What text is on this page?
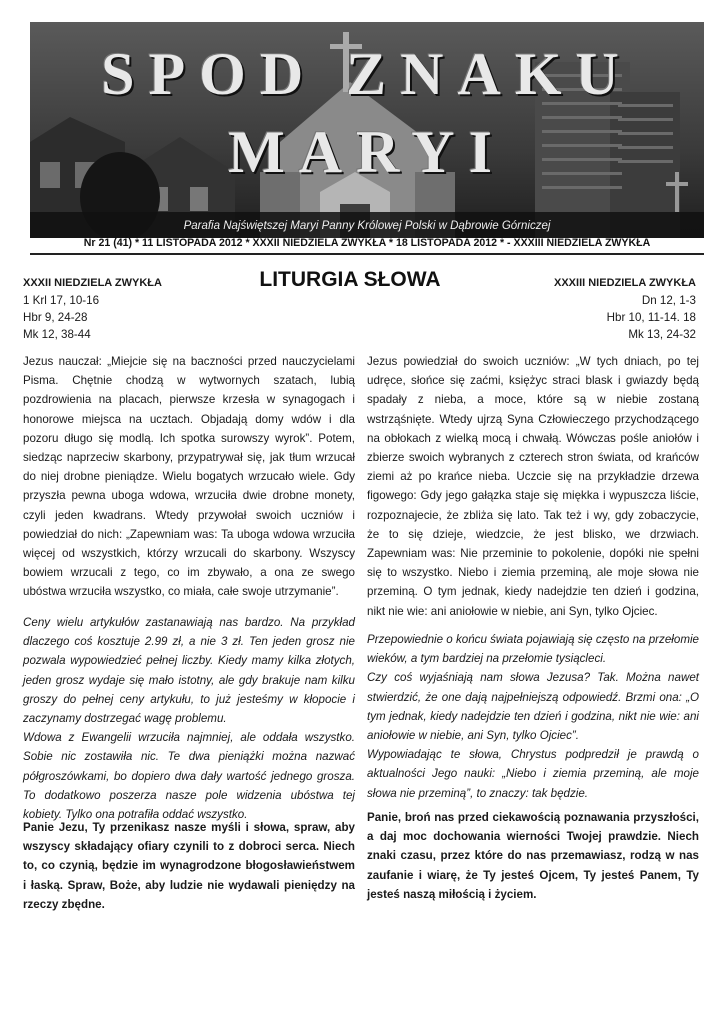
SPOD ZNAKU
MARYI
Parafia Najświętszej Maryi Panny Królowej Polski w Dąbrowie Górniczej
Nr 21 (41) * 11 LISTOPADA 2012 * XXXII NIEDZIELA ZWYKŁA * 18 LISTOPADA 2012 * - XXXIII NIEDZIELA ZWYKŁA
LITURGIA SŁOWA
XXXII NIEDZIELA ZWYKŁA
1 Krl 17, 10-16
Hbr 9, 24-28
Mk 12, 38-44
XXXIII NIEDZIELA ZWYKŁA
Dn 12, 1-3
Hbr 10, 11-14. 18
Mk 13, 24-32

Jezus nauczał: „Miejcie się na baczności przed nauczycielami Pisma. Chętnie chodzą w wytwornych szatach, lubią pozdrowienia na placach, pierwsze krzesła w synagogach i honorowe miejsca na ucztach. Objadają domy wdów i dla pozoru długo się modlą. Ich spotka surowszy wyrok”. Potem, siedząc naprzeciw skarbony, przypatrywał się, jak tłum wrzucał do niej drobne pieniądze. Wielu bogatych wrzucało wiele. Gdy przyszła pewna uboga wdowa, wrzuciła dwie drobne monety, czyli jeden kwadrans. Wtedy przywołał swoich uczniów i powiedział do nich: „Zapewniam was: Ta uboga wdowa wrzuciła więcej od wszystkich, którzy wrzucali do skarbony. Wszyscy bowiem wrzucali z tego, co im zbywało, a ona ze swego ubóstwa wrzuciła wszystko, co miała, całe swoje utrzymanie”.

Jezus powiedział do swoich uczniów: „W tych dniach, po tej udręce, słońce się zaćmi, księżyc straci blask i gwiazdy będą spadały z nieba, a moce, które są w niebie zostaną wstrząśnięte. Wtedy ujrzą Syna Człowieczego przychodzącego na obłokach z wielką mocą i chwałą. Wówczas pośle aniołów i zbierze swoich wybranych z czterech stron świata, od krańców ziemi aż po krańce nieba. Uczcie się na przykładzie drzewa figowego: Gdy jego gałązka staje się miękka i wypuszcza liście, rozpoznajecie, że zbliża się lato. Tak też i wy, gdy zobaczycie, że to się dzieje, wiedzcie, że jest blisko, we drzwiach. Zapewniam was: Nie przeminie to pokolenie, dopóki nie spełni się to wszystko. Niebo i ziemia przeminą, ale moje słowa nie przeminą. O tym jednak, kiedy nadejdzie ten dzień i godzina, nikt nie wie: ani aniołowie w niebie, ani Syn, tylko Ojciec.

Ceny wielu artykułów zastanawiają nas bardzo. Na przykład dlaczego coś kosztuje 2.99 zł, a nie 3 zł. Ten jeden grosz nie pozwala wypowiedzieć pełnej liczby. Kiedy mamy kilka złotych, jeden grosz wydaje się mało istotny, ale gdy brakuje nam kilku groszy do pełnej ceny artykułu, to już jesteśmy w kłopocie i zaczynamy dostrzegać wagę problemu.

Wdowa z Ewangelii wrzuciła najmniej, ale oddała wszystko. Sobie nic zostawiła nic. Te dwa pieniążki można nazwać półgroszówkami, bo dopiero dwa dały wartość jednego grosza. To dodatkowo poszerza nasze pole widzenia ubóstwa tej kobiety. Tylko ona potrafiła oddać wszystko.

Przepowiednie o końcu świata pojawiają się często na przełomie wieków, a tym bardziej na przełomie tysiącleci.

Czy coś wyjaśniają nam słowa Jezusa? Tak. Można nawet stwierdzić, że one dają najpełniejszą odpowiedź. Brzmi ona: „O tym jednak, kiedy nadejdzie ten dzień i godzina, nikt nie wie: ani aniołowie w niebie, ani Syn, tylko Ojciec”.

Wypowiadając te słowa, Chrystus podpredził je prawdą o aktualności Jego nauki: „Niebo i ziemia przeminą, ale moje słowa nie przeminą”, to znaczy: tak będzie.

Panie Jezu, Ty przenikasz nasze myśli i słowa, spraw, aby wszyscy składający ofiary czynili to z dobroci serca. Niech to, co czynią, będzie im wynagrodzone błogosławieństwem i łaską. Spraw, Boże, aby ludzie nie wydawali pieniędzy na rzeczy zbędne.

Panie, broń nas przed ciekawością poznawania przyszłości, a daj moc dochowania wierności Twojej prawdzie. Niech znaki czasu, przez które do nas przemawiasz, rodzą w nas zaufanie i wiarę, że Ty jesteś Ojcem, Ty jesteś Panem, Ty jesteś naszą miłością i życiem.
